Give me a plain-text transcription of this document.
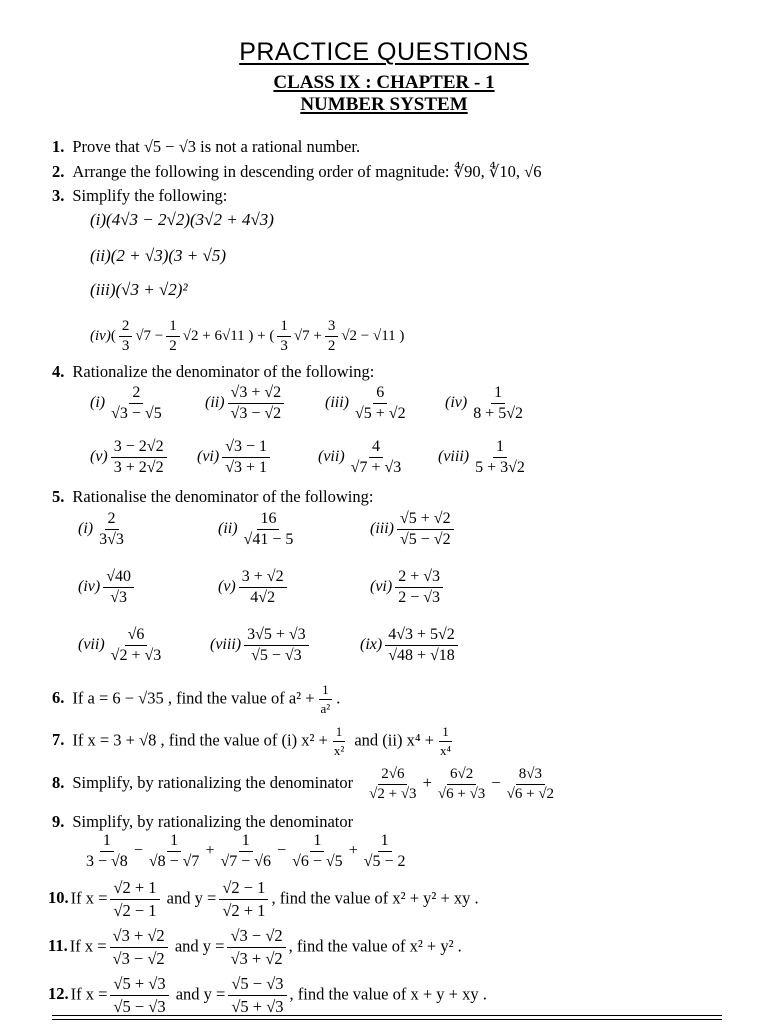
PRACTICE QUESTIONS
CLASS IX : CHAPTER - 1
NUMBER SYSTEM
1. Prove that √5 − √3 is not a rational number.
2. Arrange the following in descending order of magnitude: ∜90, ∜10, √6
3. Simplify the following:
(i)(4√3 − 2√2)(3√2 + 4√3)
(ii)(2 + √3)(3 + √5)
(iii)(√3 + √2)²
$(iv)( \frac{2}{3} √7 - \frac{1}{2} √2 + 6√11$ ) + ( $\frac{1}{3} √7 + \frac{3}{2} √2 - √11$ )
4. Rationalize the denominator of the following:
$(i) \frac{2}{√3 - √5}$	$(ii) \frac{√3 + √2}{√3 - √2}$	$(iii) \frac{6}{√5 + √2} (iv) \frac{1}{8 + 5√2}$
$(v) \frac{3 - 2√2}{3 + 2√2} (vi) \frac{√3 - 1}{√3 + 1}$	$(vii) \frac{4}{√7 + √3}$ (viii) $\frac{1}{5 + 3√2}$
5. Rationalise the denominator of the following:
$(i) \frac{2}{3√3}$	$(ii) \frac{16}{√41 - 5}$	$(iii) \frac{√5 + √2}{√5 - √2}$
$(iv) \frac{√40}{√3}$	$(v) \frac{3 + √2}{4√2}$	$(vi) \frac{2 + √3}{2 - √3}$
$(vii) \frac{√6}{√2 + √3}$	(viii) $\frac{3√5 + √3}{√5 - √3}$	$(ix) \frac{4√3 + 5√2}{√48 + √18}$
6. If a = 6 − √35 , find the value of $a^2 + \frac{1}{\text{a²}}$ .
7. If x = 3 + √8 , find the value of (i) $x^2 + \frac{1}{\text{x²}}$ and (ii) $x^4 + \frac{1}{\text{x⁴}}$
8. Simplify, by rationalizing the denominator $\frac{2√6}{√2 + √3} + \frac{6√2}{√6 + √3} - \frac{8√3}{√6 + √2}$
9. Simplify, by rationalizing the denominator
$\frac{1}{3 - √8} - \frac{1}{√8 - √7} + \frac{1}{√7 - √6} - \frac{1}{√6 - √5} + \frac{1}{√5 - 2}$
10. If $x = \frac{√2 + 1}{√2 - 1}$ and $y = \frac{√2 - 1}{√2 + 1}$ , find the value of x² + y² + xy .
11. If $x = \frac{√3 + √2}{√3 - √2}$ and $y = \frac{√3 - √2}{√3 + √2}$ , find the value of x² + y² .
12. If $x = \frac{√5 + √3}{√5 - √3}$ and $y = \frac{√5 - √3}{√5 + √3}$ , find the value of x + y + xy .
